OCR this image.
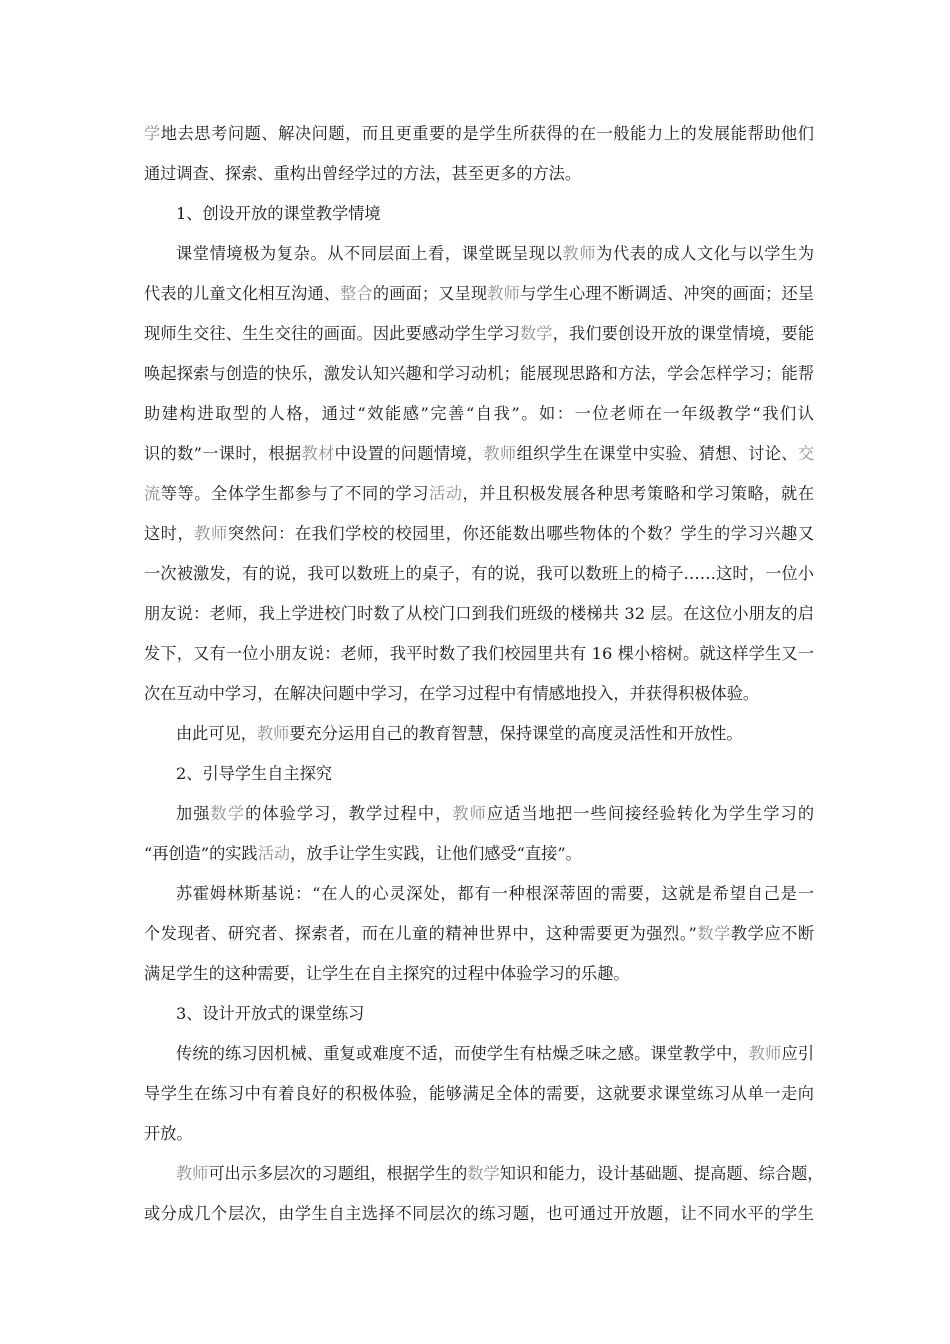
学地去思考问题、解决问题，而且更重要的是学生所获得的在一般能力上的发展能帮助他们
通过调查、探索、重构出曾经学过的方法，甚至更多的方法。
1、创设开放的课堂教学情境
课堂情境极为复杂。从不同层面上看，课堂既呈现以教师为代表的成人文化与以学生为
代表的儿童文化相互沟通、整合的画面；又呈现教师与学生心理不断调适、冲突的画面；还呈
现师生交往、生生交往的画面。因此要感动学生学习数学，我们要创设开放的课堂情境，要能
唤起探索与创造的快乐，激发认知兴趣和学习动机；能展现思路和方法，学会怎样学习；能帮
助建构进取型的人格，通过“效能感”完善“自我”。如：一位老师在一年级教学“我们认
识的数”一课时，根据教材中设置的问题情境，教师组织学生在课堂中实验、猜想、讨论、交
流等等。全体学生都参与了不同的学习活动，并且积极发展各种思考策略和学习策略，就在
这时，教师突然问：在我们学校的校园里，你还能数出哪些物体的个数？学生的学习兴趣又
一次被激发，有的说，我可以数班上的桌子，有的说，我可以数班上的椅子……这时，一位小
朋友说：老师，我上学进校门时数了从校门口到我们班级的楼梯共 32 层。在这位小朋友的启
发下，又有一位小朋友说：老师，我平时数了我们校园里共有 16 棵小榕树。就这样学生又一
次在互动中学习，在解决问题中学习，在学习过程中有情感地投入，并获得积极体验。
由此可见，教师要充分运用自己的教育智慧，保持课堂的高度灵活性和开放性。
2、引导学生自主探究
加强数学的体验学习，教学过程中，教师应适当地把一些间接经验转化为学生学习的
“再创造”的实践活动，放手让学生实践，让他们感受“直接”。
苏霍姆林斯基说：“在人的心灵深处，都有一种根深蒂固的需要，这就是希望自己是一
个发现者、研究者、探索者，而在儿童的精神世界中，这种需要更为强烈。”数学教学应不断
满足学生的这种需要，让学生在自主探究的过程中体验学习的乐趣。
3、设计开放式的课堂练习
传统的练习因机械、重复或难度不适，而使学生有枯燥乏味之感。课堂教学中，教师应引
导学生在练习中有着良好的积极体验，能够满足全体的需要，这就要求课堂练习从单一走向
开放。
教师可出示多层次的习题组，根据学生的数学知识和能力，设计基础题、提高题、综合题，
或分成几个层次，由学生自主选择不同层次的练习题，也可通过开放题，让不同水平的学生
